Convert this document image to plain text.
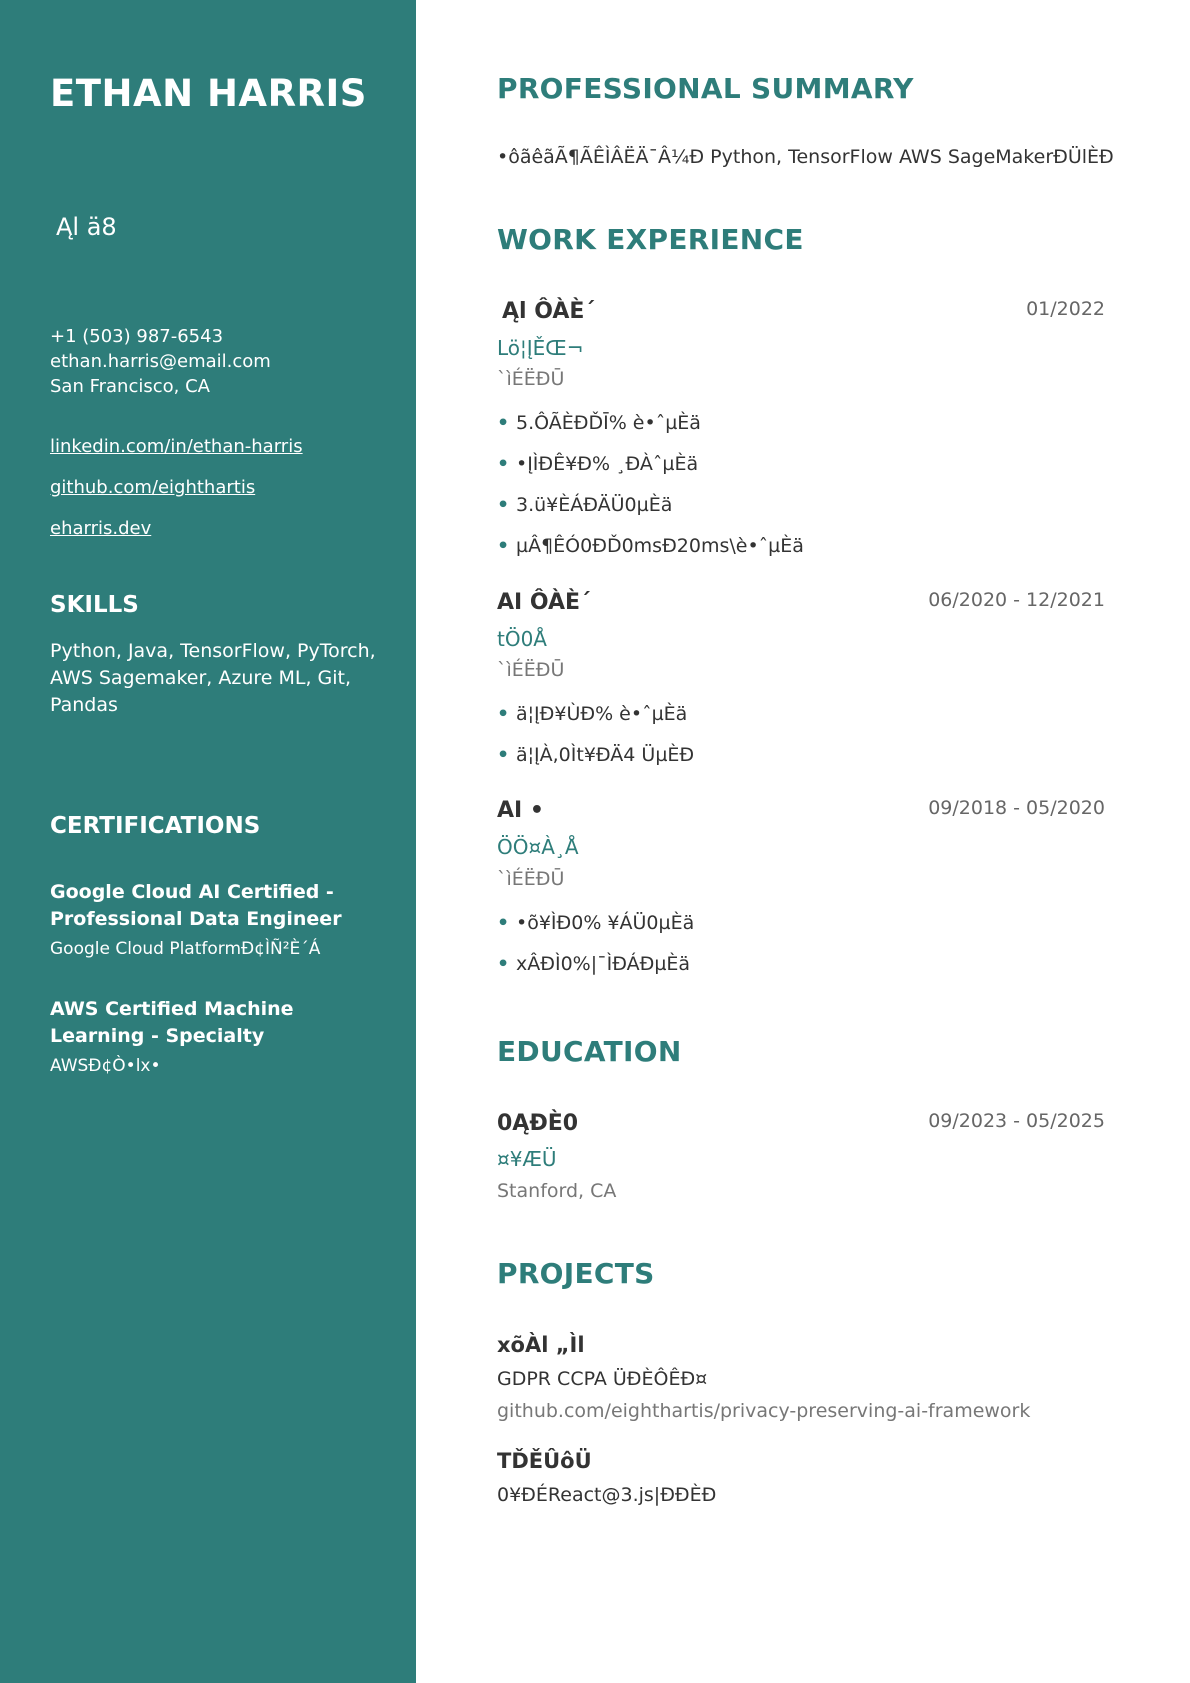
ETHAN HARRIS
Ąl ä8
+1 (503) 987-6543
ethan.harris@email.com
San Francisco, CA
linkedin.com/in/ethan-harris
github.com/eighthartis
eharris.dev
SKILLS
Python, Java, TensorFlow, PyTorch, AWS Sagemaker, Azure ML, Git, Pandas
CERTIFICATIONS
Google Cloud AI Certified - Professional Data Engineer
Google Cloud PlatformĐ¢ÌÑ²È´Á
AWS Certified Machine Learning - Specialty
AWSĐ¢Ò•lx•
PROFESSIONAL SUMMARY
•ôãêãÃ¶ÃÊÌÂËÄ¯Â¼Ð Python, TensorFlow AWS SageMakerĐÜlÈÐ
WORK EXPERIENCE
Ąl ÔÀÈ´	01/2022
Lö¦ĮĚŒ¬
`ìÉËÐŪ
• 5.ÔÃÈÐĎĪ% è•ˆµÈä
• •ĮÌÐÊ¥Ð% ¸ĐÀˆµÈä
• 3.ü¥ÈÁĐÄÜ0µÈä
• µÂ¶ÊÓ0ĐĎ0msĐ20ms\è•ˆµÈä
AI ÔÀÈ´	06/2020 - 12/2021
tÖ0Å
`ìÉËÐŪ
• ä¦ĮÐ¥ÙĐ% è•ˆµÈä
• ä¦ĮÀ,0Ìt¥ĐÄ4 ÜµÈÐ
AI •	09/2018 - 05/2020
ÖÖ¤À¸Å
`ìÉËÐŪ
• •õ¥ÌĐ0% ¥ÁÜ0µÈä
• xÂĐÌ0%|¯ÌĐÁĐµÈä
EDUCATION
0ĄĐÈ0	09/2023 - 05/2025
¤¥ÆÜ
Stanford, CA
PROJECTS
xõÀl „Ìl
GDPR CCPA ÜĐÈÔÊÐ¤
github.com/eighthartis/privacy-preserving-ai-framework
TĎĚÛôÜ
0¥ĐÉReact@3.js|ÐĐÈĐ
